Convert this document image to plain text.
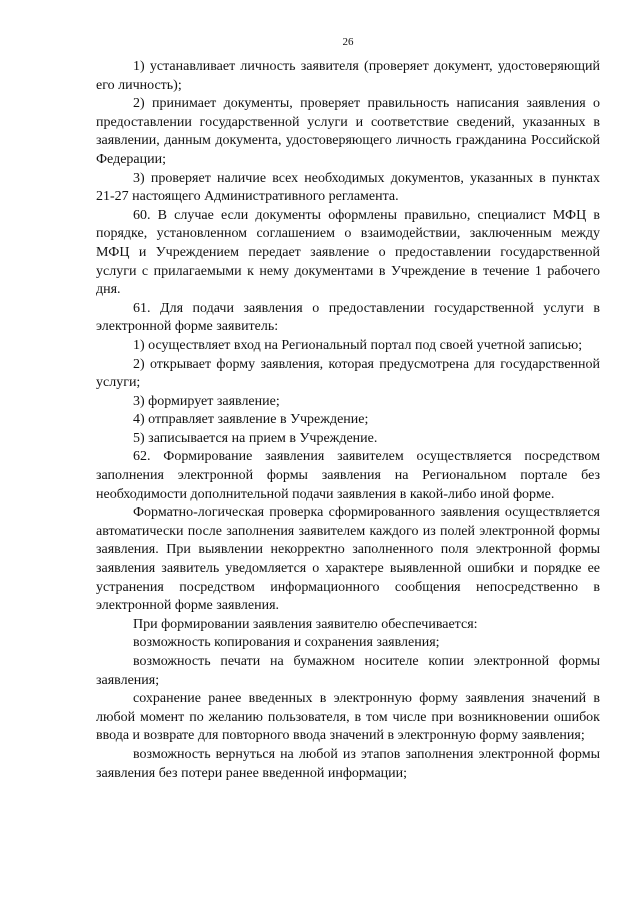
26

1) устанавливает личность заявителя (проверяет документ, удостоверяющий его личность);

2) принимает документы, проверяет правильность написания заявления о предоставлении государственной услуги и соответствие сведений, указанных в заявлении, данным документа, удостоверяющего личность гражданина Российской Федерации;

3) проверяет наличие всех необходимых документов, указанных в пунктах 21-27 настоящего Административного регламента.

60. В случае если документы оформлены правильно, специалист МФЦ в порядке, установленном соглашением о взаимодействии, заключенным между МФЦ и Учреждением передает заявление о предоставлении государственной услуги с прилагаемыми к нему документами в Учреждение в течение 1 рабочего дня.

61. Для подачи заявления о предоставлении государственной услуги в электронной форме заявитель:

1) осуществляет вход на Региональный портал под своей учетной записью;

2) открывает форму заявления, которая предусмотрена для государственной услуги;

3) формирует заявление;

4) отправляет заявление в Учреждение;

5) записывается на прием в Учреждение.

62. Формирование заявления заявителем осуществляется посредством заполнения электронной формы заявления на Региональном портале без необходимости дополнительной подачи заявления в какой-либо иной форме.

Форматно-логическая проверка сформированного заявления осуществляется автоматически после заполнения заявителем каждого из полей электронной формы заявления. При выявлении некорректно заполненного поля электронной формы заявления заявитель уведомляется о характере выявленной ошибки и порядке ее устранения посредством информационного сообщения непосредственно в электронной форме заявления.

При формировании заявления заявителю обеспечивается:

возможность копирования и сохранения заявления;

возможность печати на бумажном носителе копии электронной формы заявления;

сохранение ранее введенных в электронную форму заявления значений в любой момент по желанию пользователя, в том числе при возникновении ошибок ввода и возврате для повторного ввода значений в электронную форму заявления;

возможность вернуться на любой из этапов заполнения электронной формы заявления без потери ранее введенной информации;
